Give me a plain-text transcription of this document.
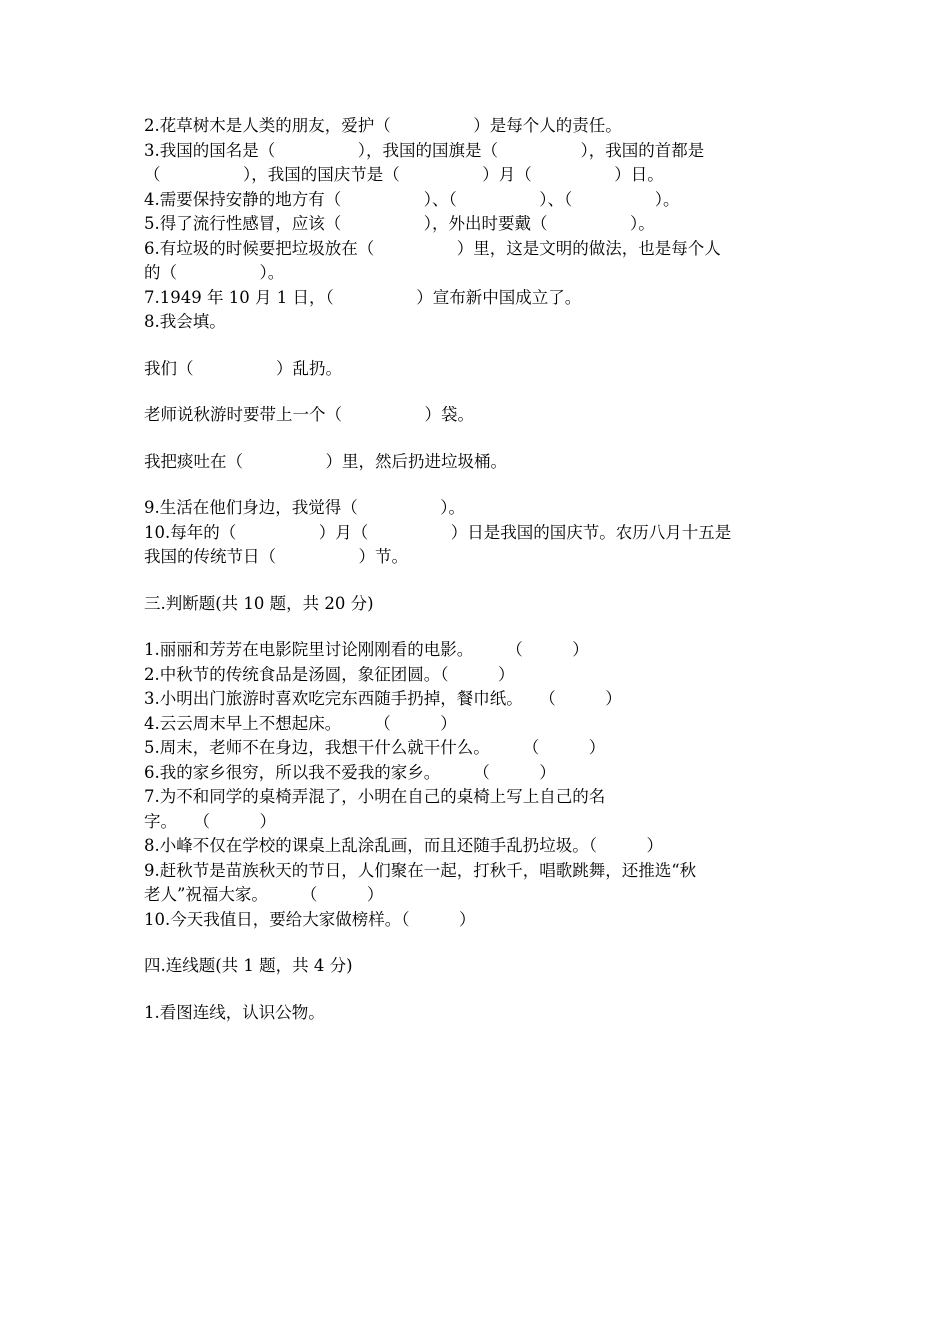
2.花草树木是人类的朋友，爱护（　　　　　）是每个人的责任。
3.我国的国名是（　　　　　），我国的国旗是（　　　　　），我国的首都是
（　　　　　），我国的国庆节是（　　　　　）月（　　　　　）日。
4.需要保持安静的地方有（　　　　　）、（　　　　　）、（　　　　　）。
5.得了流行性感冒，应该（　　　　　），外出时要戴（　　　　　）。
6.有垃圾的时候要把垃圾放在（　　　　　）里，这是文明的做法，也是每个人
的（　　　　　）。
7.1949 年 10 月 1 日，（　　　　　）宣布新中国成立了。
8.我会填。
我们（　　　　　）乱扔。
老师说秋游时要带上一个（　　　　　）袋。
我把痰吐在（　　　　　）里，然后扔进垃圾桶。
9.生活在他们身边，我觉得（　　　　　）。
10.每年的（　　　　　）月（　　　　　）日是我国的国庆节。农历八月十五是
我国的传统节日（　　　　　）节。
三.判断题(共 10 题，共 20 分)
1.丽丽和芳芳在电影院里讨论刚刚看的电影。　　　（　　　）
2.中秋节的传统食品是汤圆，象征团圆。（　　　）
3.小明出门旅游时喜欢吃完东西随手扔掉，餐巾纸。　　（　　　）
4.云云周末早上不想起床。　　　（　　　）
5.周末，老师不在身边，我想干什么就干什么。　　　（　　　）
6.我的家乡很穷，所以我不爱我的家乡。　　　（　　　）
7.为不和同学的桌椅弄混了，小明在自己的桌椅上写上自己的名
字。　　（　　　）
8.小峰不仅在学校的课桌上乱涂乱画，而且还随手乱扔垃圾。（　　　）
9.赶秋节是苗族秋天的节日，人们聚在一起，打秋千，唱歌跳舞，还推选“秋
老人”祝福大家。　　　（　　　）
10.今天我值日，要给大家做榜样。（　　　）
四.连线题(共 1 题，共 4 分)
1.看图连线，认识公物。
